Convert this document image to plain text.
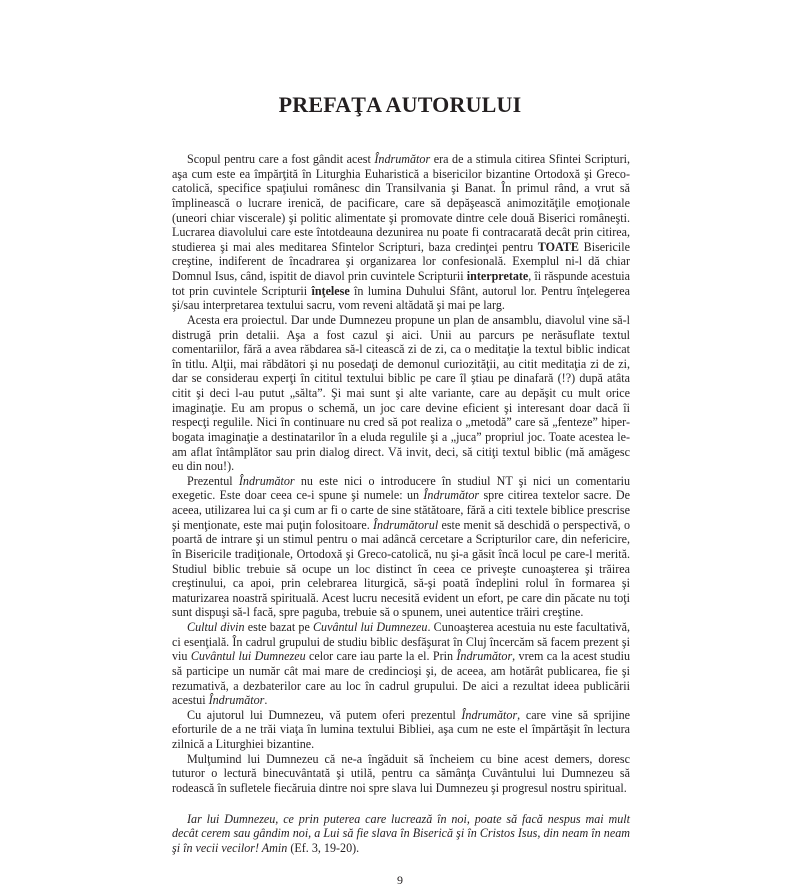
PREFAŢA AUTORULUI

Scopul pentru care a fost gândit acest Îndrumător era de a stimula citirea Sfintei Scripturi, aşa cum este ea împărţită în Liturghia Euharistică a bisericilor bizantine Ortodoxă şi Greco-catolică, specifice spaţiului românesc din Transilvania şi Banat. În primul rând, a vrut să împlinească o lucrare irenică, de pacificare, care să depăşească animozităţile emoţionale (uneori chiar viscerale) şi politic alimentate şi promovate dintre cele două Biserici româneşti. Lucrarea diavolului care este întotdeauna dezunirea nu poate fi contracarată decât prin citirea, studierea şi mai ales meditarea Sfintelor Scripturi, baza credinţei pentru TOATE Bisericile creştine, indiferent de încadrarea şi organizarea lor confesională. Exemplul ni-l dă chiar Domnul Isus, când, ispitit de diavol prin cuvintele Scripturii interpretate, îi răspunde acestuia tot prin cuvintele Scripturii înţelese în lumina Duhului Sfânt, autorul lor. Pentru înţelegerea şi/sau interpretarea textului sacru, vom reveni altădată şi mai pe larg.

Acesta era proiectul. Dar unde Dumnezeu propune un plan de ansamblu, diavolul vine să-l distrugă prin detalii. Aşa a fost cazul şi aici. Unii au parcurs pe nerăsuflate textul comentariilor, fără a avea răbdarea să-l citească zi de zi, ca o meditaţie la textul biblic indicat în titlu. Alţii, mai răbdători şi nu posedaţi de demonul curiozităţii, au citit meditaţia zi de zi, dar se considerau experţi în cititul textului biblic pe care îl ştiau pe dinafară (!?) după atâta citit şi deci l-au putut „sălta”. Şi mai sunt şi alte variante, care au depăşit cu mult orice imaginaţie. Eu am propus o schemă, un joc care devine eficient şi interesant doar dacă îi respecţi regulile. Nici în continuare nu cred să pot realiza o „metodă” care să „fenteze” hiper-bogata imaginaţie a destinatarilor în a eluda regulile şi a „juca” propriul joc. Toate acestea le-am aflat întâmplător sau prin dialog direct. Vă invit, deci, să citiţi textul biblic (mă amăgesc eu din nou!).

Prezentul Îndrumător nu este nici o introducere în studiul NT şi nici un comentariu exegetic. Este doar ceea ce-i spune şi numele: un Îndrumător spre citirea textelor sacre. De aceea, utilizarea lui ca şi cum ar fi o carte de sine stătătoare, fără a citi textele biblice prescrise şi menţionate, este mai puţin folositoare. Îndrumătorul este menit să deschidă o perspectivă, o poartă de intrare şi un stimul pentru o mai adâncă cercetare a Scripturilor care, din nefericire, în Bisericile tradiţionale, Ortodoxă şi Greco-catolică, nu şi-a găsit încă locul pe care-l merită. Studiul biblic trebuie să ocupe un loc distinct în ceea ce priveşte cunoaşterea şi trăirea creştinului, ca apoi, prin celebrarea liturgică, să-şi poată îndeplini rolul în formarea şi maturizarea noastră spirituală. Acest lucru necesită evident un efort, pe care din păcate nu toţi sunt dispuşi să-l facă, spre paguba, trebuie să o spunem, unei autentice trăiri creştine.

Cultul divin este bazat pe Cuvântul lui Dumnezeu. Cunoaşterea acestuia nu este facultativă, ci esenţială. În cadrul grupului de studiu biblic desfăşurat în Cluj încercăm să facem prezent şi viu Cuvântul lui Dumnezeu celor care iau parte la el. Prin Îndrumător, vrem ca la acest studiu să participe un număr cât mai mare de credincioşi şi, de aceea, am hotărât publicarea, fie şi rezumativă, a dezbaterilor care au loc în cadrul grupului. De aici a rezultat ideea publicării acestui Îndrumător.

Cu ajutorul lui Dumnezeu, vă putem oferi prezentul Îndrumător, care vine să sprijine eforturile de a ne trăi viaţa în lumina textului Bibliei, aşa cum ne este el împărtăşit în lectura zilnică a Liturghiei bizantine.

Mulţumind lui Dumnezeu că ne-a îngăduit să încheiem cu bine acest demers, doresc tuturor o lectură binecuvântată şi utilă, pentru ca sămânţa Cuvântului lui Dumnezeu să rodească în sufletele fiecăruia dintre noi spre slava lui Dumnezeu şi progresul nostru spiritual.

Iar lui Dumnezeu, ce prin puterea care lucrează în noi, poate să facă nespus mai mult decât cerem sau gândim noi, a Lui să fie slava în Biserică şi în Cristos Isus, din neam în neam şi în vecii vecilor! Amin (Ef. 3, 19-20).

9
